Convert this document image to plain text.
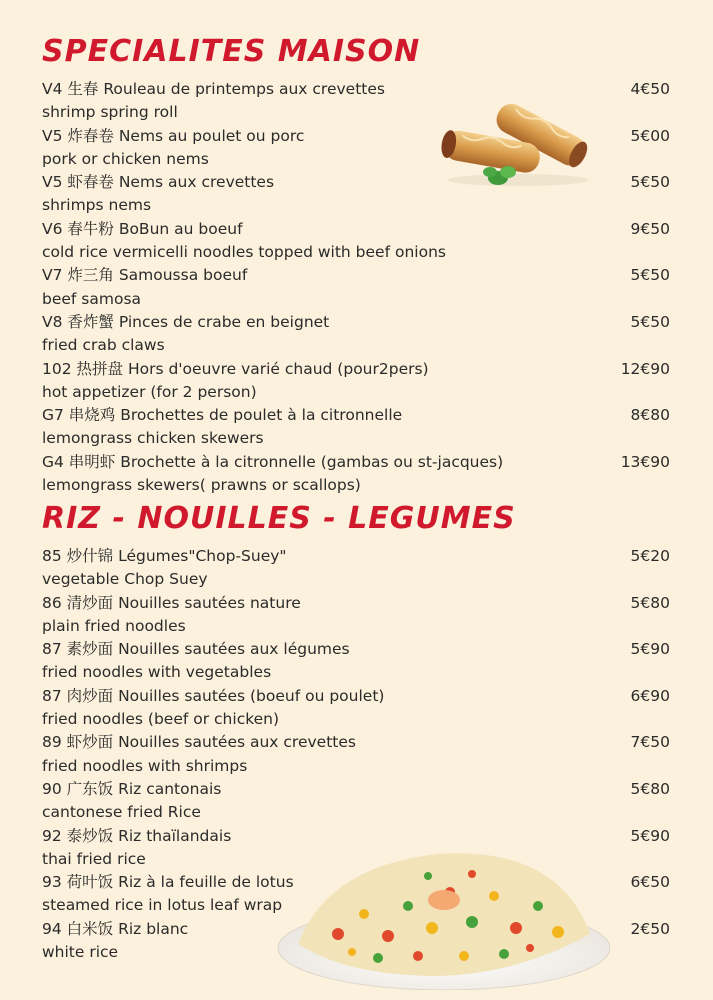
SPECIALITES MAISON
V4 生春 Rouleau de printemps aux crevettes
shrimp spring roll
4€50
V5 炸春卷 Nems au poulet ou porc
pork or chicken nems
5€00
V5 虾春卷 Nems aux crevettes
shrimps nems
5€50
V6 春牛粉 BoBun au boeuf
cold rice vermicelli noodles topped with beef onions
9€50
V7 炸三角 Samoussa boeuf
beef samosa
5€50
V8 香炸蟹 Pinces de crabe en beignet
fried crab claws
5€50
102 热拼盘 Hors d'oeuvre varié chaud (pour2pers)
hot appetizer (for 2 person)
12€90
G7 串烧鸡 Brochettes de poulet à la citronnelle
lemongrass chicken skewers
8€80
G4 串明虾 Brochette à la citronnelle (gambas ou st-jacques)
lemongrass skewers( prawns or scallops)
13€90
RIZ - NOUILLES - LEGUMES
85 炒什锦 Légumes"Chop-Suey"
vegetable Chop Suey
5€20
86 清炒面 Nouilles sautées nature
plain fried noodles
5€80
87 素炒面 Nouilles sautées aux légumes
fried noodles with vegetables
5€90
87 肉炒面 Nouilles sautées (boeuf ou poulet)
fried noodles (beef or chicken)
6€90
89 虾炒面 Nouilles sautées aux crevettes
fried noodles with shrimps
7€50
90 广东饭 Riz cantonais
cantonese fried Rice
5€80
92 泰炒饭 Riz thaïlandais
thai fried rice
5€90
93 荷叶饭 Riz à la feuille de lotus
steamed rice in lotus leaf wrap
6€50
94 白米饭 Riz blanc
white rice
2€50
